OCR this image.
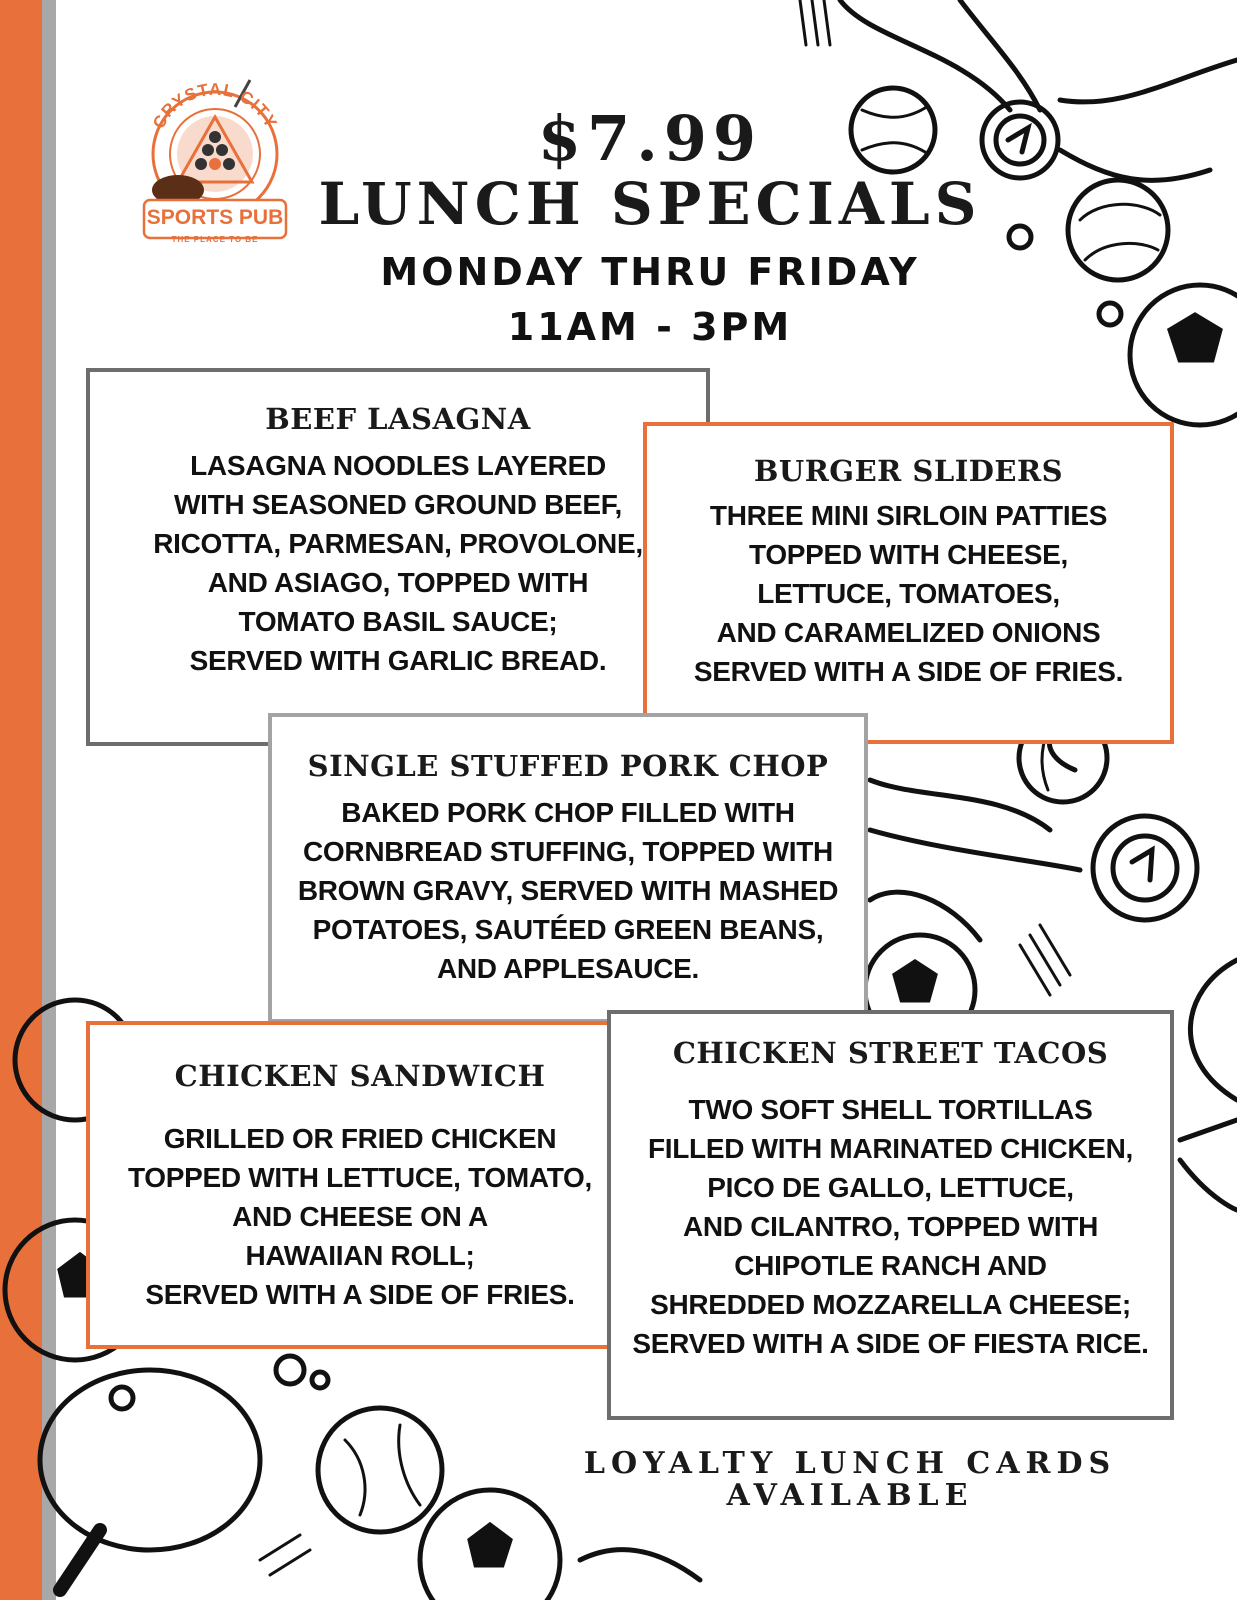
CRYSTAL CITY
SPORTS PUB
THE PLACE TO BE
$7.99
LUNCH SPECIALS
MONDAY THRU FRIDAY
11AM - 3PM
BEEF LASAGNA

LASAGNA NOODLES LAYERED
WITH SEASONED GROUND BEEF,
RICOTTA, PARMESAN, PROVOLONE,
AND ASIAGO, TOPPED WITH
TOMATO BASIL SAUCE;
SERVED WITH GARLIC BREAD.

BURGER SLIDERS

THREE MINI SIRLOIN PATTIES
TOPPED WITH CHEESE,
LETTUCE, TOMATOES,
AND CARAMELIZED ONIONS
SERVED WITH A SIDE OF FRIES.

SINGLE STUFFED PORK CHOP

BAKED PORK CHOP FILLED WITH
CORNBREAD STUFFING, TOPPED WITH
BROWN GRAVY, SERVED WITH MASHED
POTATOES, SAUTÉED GREEN BEANS,
AND APPLESAUCE.

CHICKEN SANDWICH

GRILLED OR FRIED CHICKEN
TOPPED WITH LETTUCE, TOMATO,
AND CHEESE ON A
HAWAIIAN ROLL;
SERVED WITH A SIDE OF FRIES.

CHICKEN STREET TACOS

TWO SOFT SHELL TORTILLAS
FILLED WITH MARINATED CHICKEN,
PICO DE GALLO, LETTUCE,
AND CILANTRO, TOPPED WITH
CHIPOTLE RANCH AND
SHREDDED MOZZARELLA CHEESE;
SERVED WITH A SIDE OF FIESTA RICE.

LOYALTY LUNCH CARDS
AVAILABLE
